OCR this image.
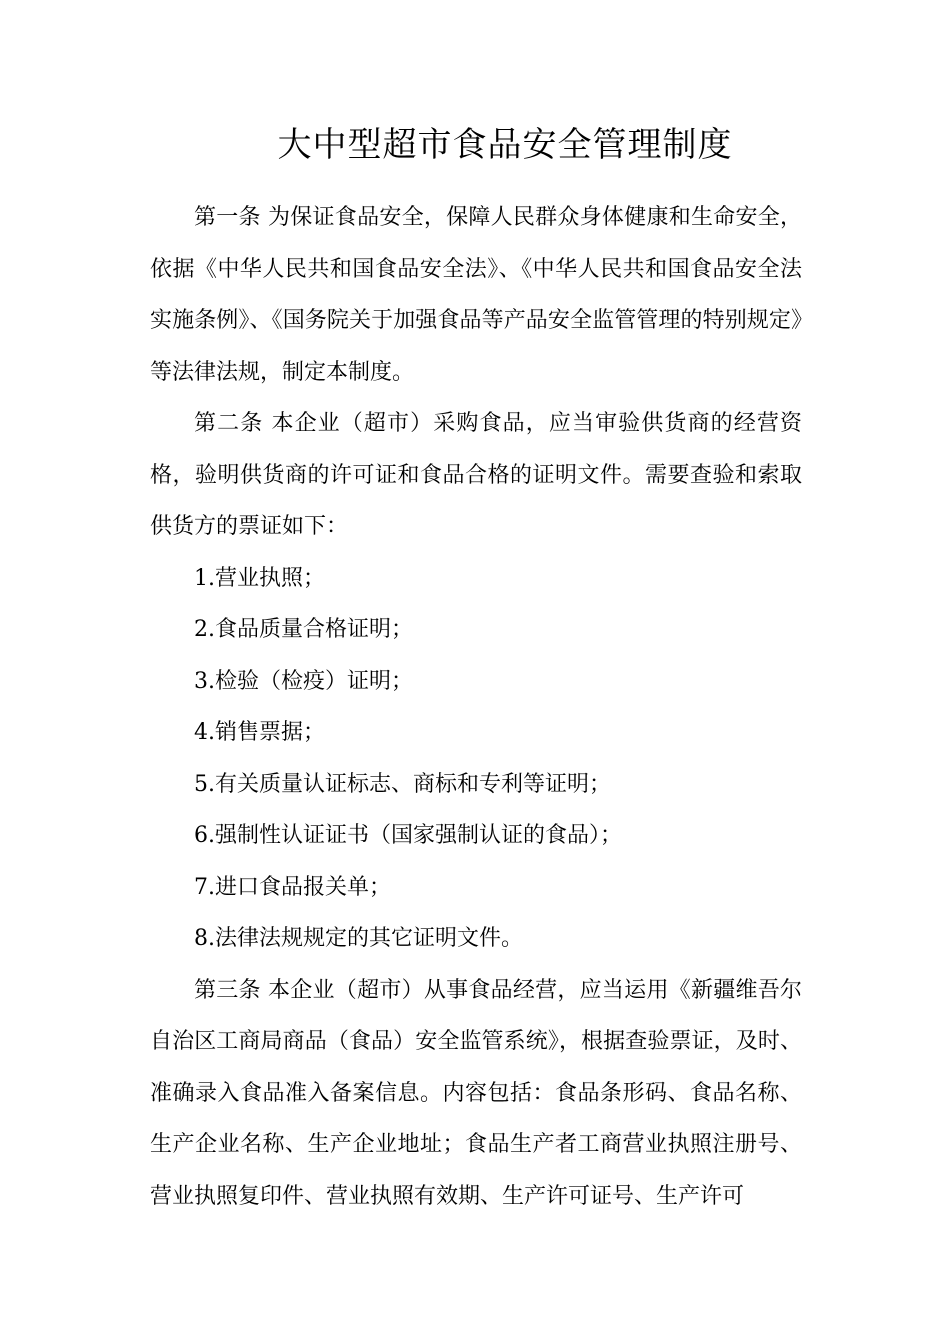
大中型超市食品安全管理制度

第一条 为保证食品安全，保障人民群众身体健康和生命安全，依据《中华人民共和国食品安全法》、《中华人民共和国食品安全法实施条例》、《国务院关于加强食品等产品安全监管管理的特别规定》等法律法规，制定本制度。

第二条 本企业（超市）采购食品，应当审验供货商的经营资格，验明供货商的许可证和食品合格的证明文件。需要查验和索取供货方的票证如下：

1.营业执照；

2.食品质量合格证明；

3.检验（检疫）证明；

4.销售票据；

5.有关质量认证标志、商标和专利等证明；

6.强制性认证证书（国家强制认证的食品）；

7.进口食品报关单；

8.法律法规规定的其它证明文件。

第三条 本企业（超市）从事食品经营，应当运用《新疆维吾尔自治区工商局商品（食品）安全监管系统》，根据查验票证，及时、准确录入食品准入备案信息。内容包括：食品条形码、食品名称、生产企业名称、生产企业地址；食品生产者工商营业执照注册号、营业执照复印件、营业执照有效期、生产许可证号、生产许可
